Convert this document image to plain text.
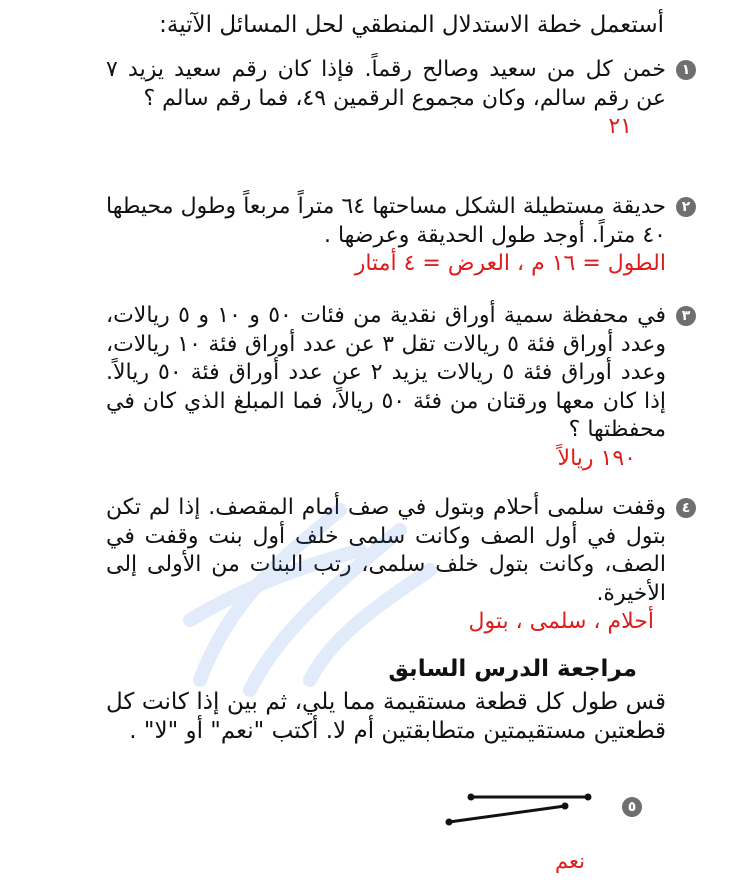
أستعمل خطة الاستدلال المنطقي لحل المسائل الآتية:
١
خمن كل من سعيد وصالح رقماً. فإذا كان رقم سعيد يزيد ٧ عن رقم سالم، وكان مجموع الرقمين ٤٩، فما رقم سالم ؟
٢١
٢
حديقة مستطيلة الشكل مساحتها ٦٤ متراً مربعاً وطول محيطها ٤٠ متراً. أوجد طول الحديقة وعرضها .
الطول = ١٦ م ، العرض = ٤ أمتار
٣
في محفظة سمية أوراق نقدية من فئات ٥٠ و ١٠ و ٥ ريالات، وعدد أوراق فئة ٥ ريالات تقل ٣ عن عدد أوراق فئة ١٠ ريالات، وعدد أوراق فئة ٥ ريالات يزيد ٢ عن عدد أوراق فئة ٥٠ ريالاً. إذا كان معها ورقتان من فئة ٥٠ ريالاً، فما المبلغ الذي كان في محفظتها ؟
١٩٠ ريالاً
٤
وقفت سلمى أحلام وبتول في صف أمام المقصف. إذا لم تكن بتول في أول الصف وكانت سلمى خلف أول بنت وقفت في الصف، وكانت بتول خلف سلمى، رتب البنات من الأولى إلى الأخيرة.
أحلام ، سلمى ، بتول
مراجعة الدرس السابق
قس طول كل قطعة مستقيمة مما يلي، ثم بين إذا كانت كل قطعتين مستقيمتين متطابقتين أم لا. أكتب "نعم" أو "لا" .
٥
نعم
